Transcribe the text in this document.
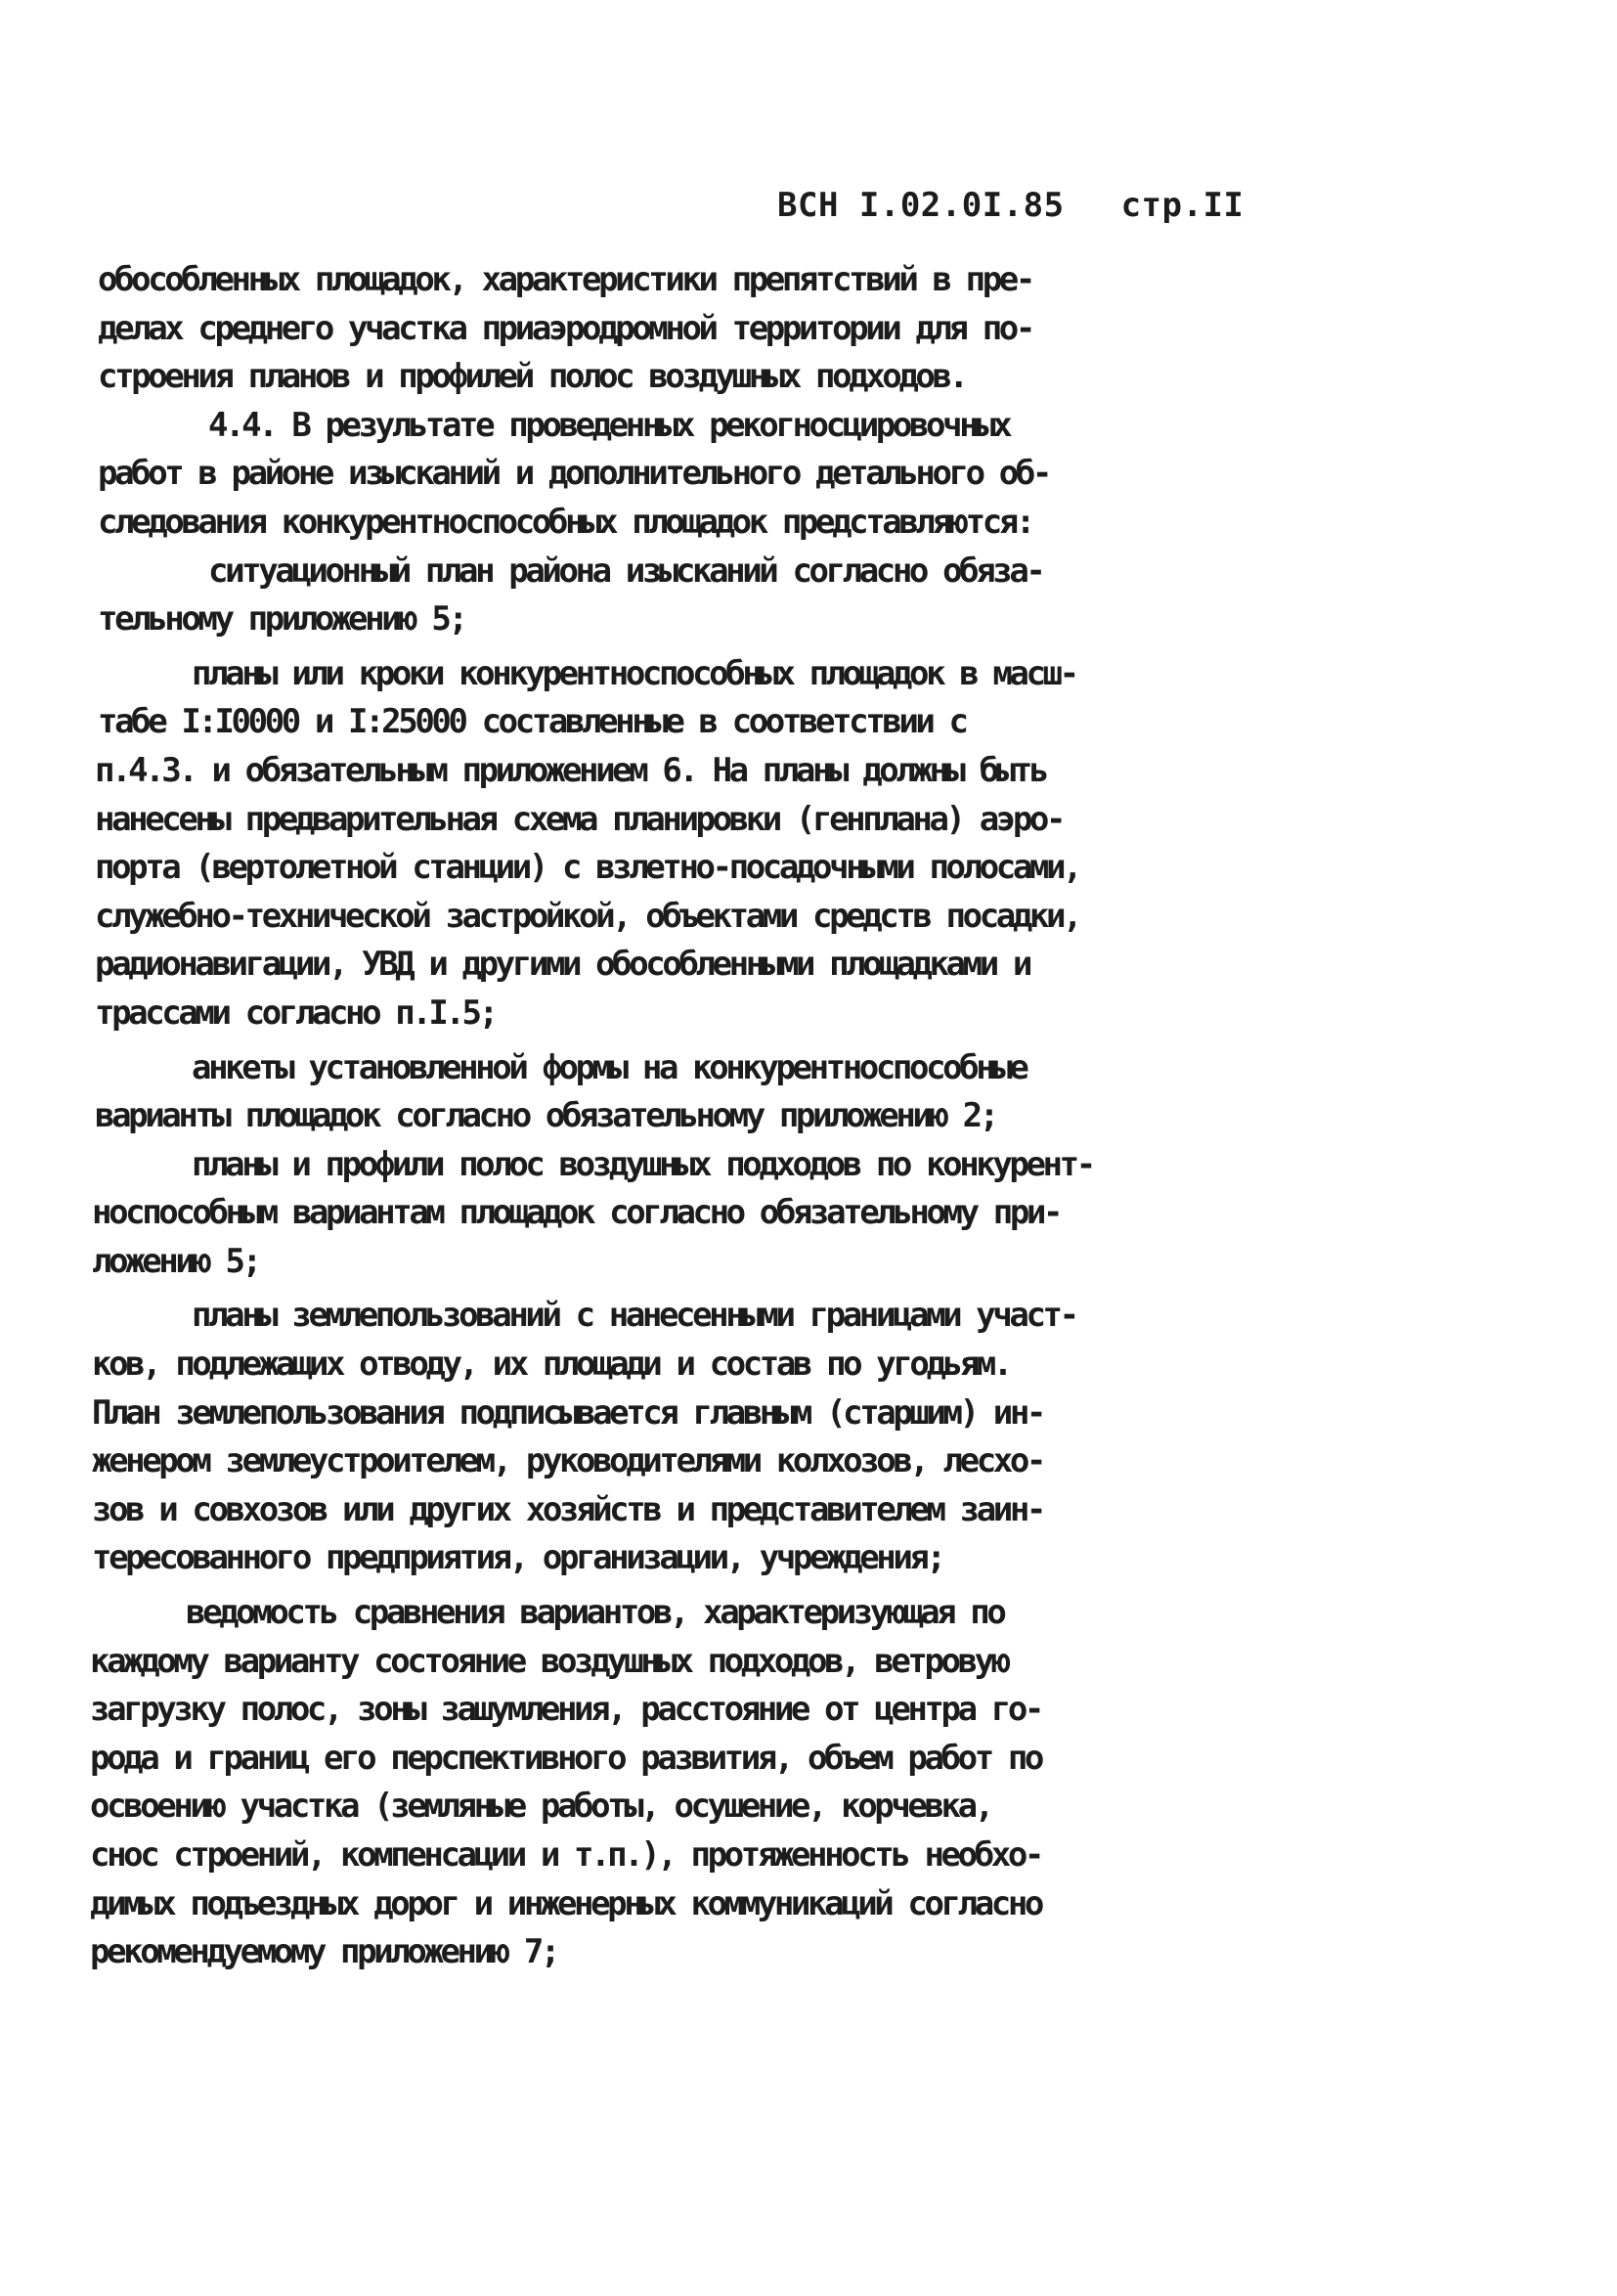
ВСН I.02.0I.85 стр.II
обособленных площадок, характеристики препятствий в пре-
делах среднего участка приаэродромной территории для по-
строения планов и профилей полос воздушных подходов.
4.4. В результате проведенных рекогносцировочных
работ в районе изысканий и дополнительного детального об-
следования конкурентноспособных площадок представляются:
ситуационный план района изысканий согласно обяза-
тельному приложению 5;
планы или кроки конкурентноспособных площадок в масш-
табе I:I0000 и I:25000 составленные в соответствии с
п.4.3. и обязательным приложением 6. На планы должны быть
нанесены предварительная схема планировки (генплана) аэро-
порта (вертолетной станции) с взлетно-посадочными полосами,
служебно-технической застройкой, объектами средств посадки,
радионавигации, УВД и другими обособленными площадками и
трассами согласно п.I.5;
анкеты установленной формы на конкурентноспособные
варианты площадок согласно обязательному приложению 2;
планы и профили полос воздушных подходов по конкурент-
носпособным вариантам площадок согласно обязательному при-
ложению 5;
планы землепользований с нанесенными границами участ-
ков, подлежащих отводу, их площади и состав по угодьям.
План землепользования подписывается главным (старшим) ин-
женером землеустроителем, руководителями колхозов, лесхо-
зов и совхозов или других хозяйств и представителем заин-
тересованного предприятия, организации, учреждения;
ведомость сравнения вариантов, характеризующая по
каждому варианту состояние воздушных подходов, ветровую
загрузку полос, зоны зашумления, расстояние от центра го-
рода и границ его перспективного развития, объем работ по
освоению участка (земляные работы, осушение, корчевка,
снос строений, компенсации и т.п.), протяженность необхо-
димых подъездных дорог и инженерных коммуникаций согласно
рекомендуемому приложению 7;
